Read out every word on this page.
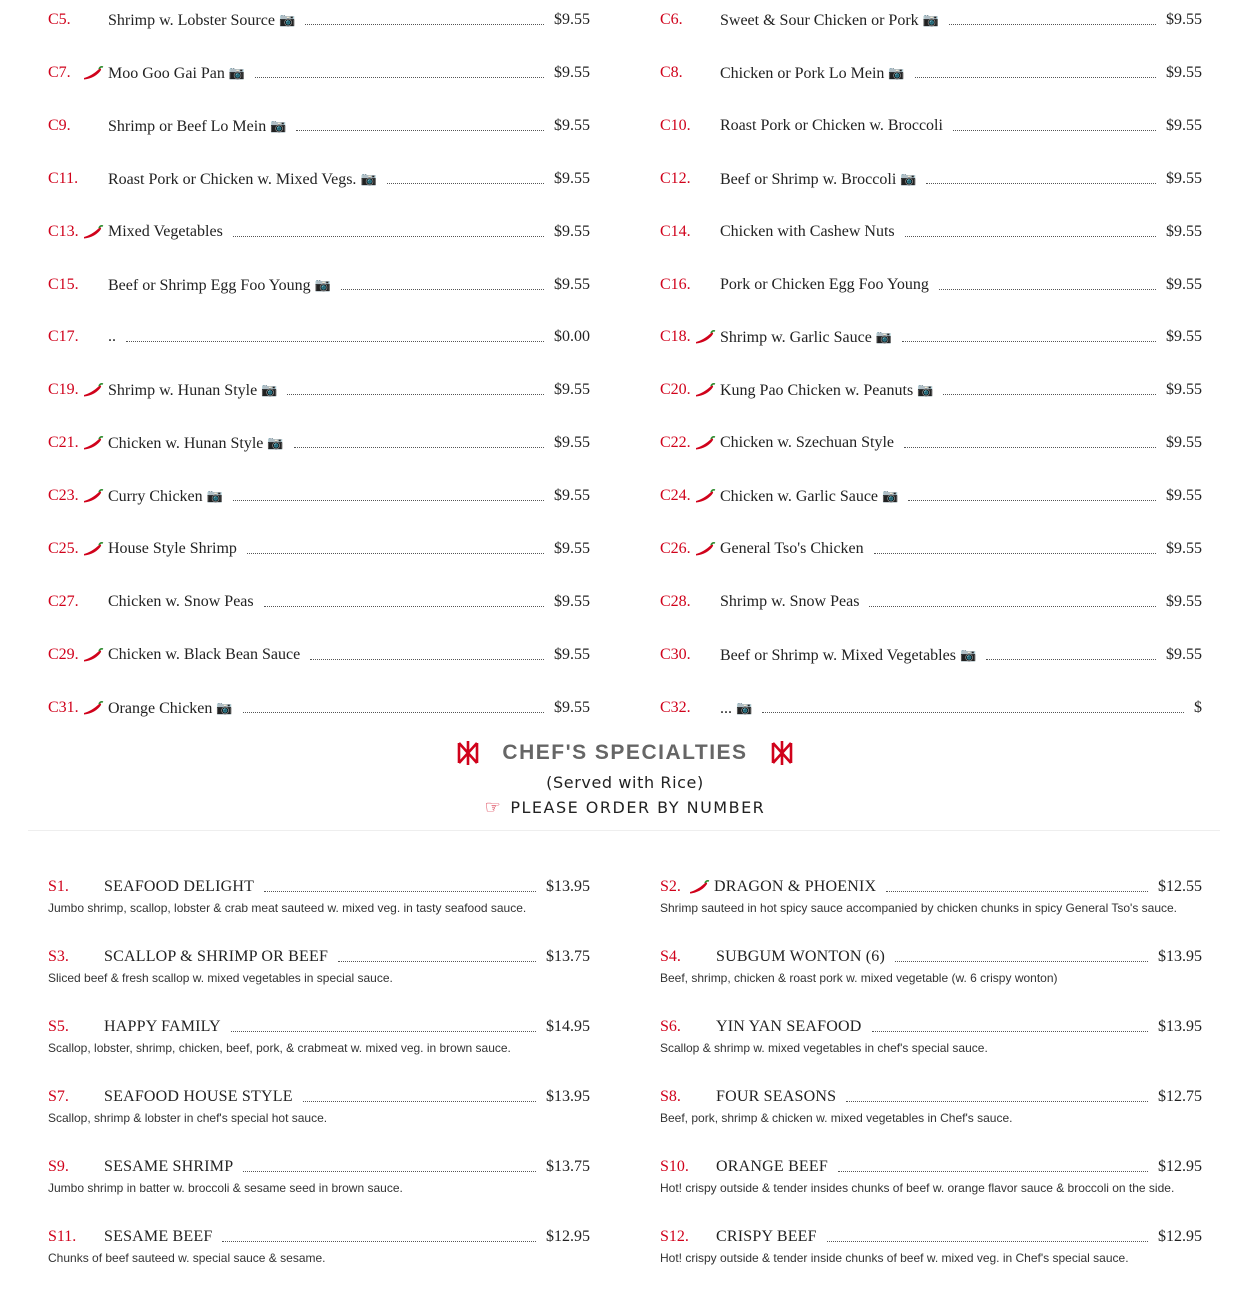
C5.	Shrimp w. Lobster Source 📷	$9.55
C7.	Moo Goo Gai Pan 📷	$9.55
C9.	Shrimp or Beef Lo Mein 📷	$9.55
C11. Roast Pork or Chicken w. Mixed Vegs. 📷	$9.55
C13. Mixed Vegetables	$9.55
C15. Beef or Shrimp Egg Foo Young 📷	$9.55
C17. ..	$0.00
C19. Shrimp w. Hunan Style 📷	$9.55
C21. Chicken w. Hunan Style 📷	$9.55
C23. Curry Chicken 📷	$9.55
C25. House Style Shrimp	$9.55
C27. Chicken w. Snow Peas	$9.55
C29. Chicken w. Black Bean Sauce	$9.55
C31. Orange Chicken 📷	$9.55
C6.	Sweet & Sour Chicken or Pork 📷	$9.55
C8.	Chicken or Pork Lo Mein 📷	$9.55
C10. Roast Pork or Chicken w. Broccoli	$9.55
C12. Beef or Shrimp w. Broccoli 📷	$9.55
C14. Chicken with Cashew Nuts	$9.55
C16. Pork or Chicken Egg Foo Young	$9.55
C18. Shrimp w. Garlic Sauce 📷	$9.55
C20. Kung Pao Chicken w. Peanuts 📷	$9.55
C22. Chicken w. Szechuan Style	$9.55
C24. Chicken w. Garlic Sauce 📷	$9.55
C26. General Tso's Chicken	$9.55
C28. Shrimp w. Snow Peas	$9.55
C30. Beef or Shrimp w. Mixed Vegetables 📷	$9.55
C32. ... 📷	$
CHEF'S SPECIALTIES
(Served with Rice)
☞ PLEASE ORDER BY NUMBER
S1.	SEAFOOD DELIGHT	$13.95
Jumbo shrimp, scallop, lobster & crab meat sauteed w. mixed veg. in tasty seafood sauce.
S3.	SCALLOP & SHRIMP OR BEEF	$13.75
Sliced beef & fresh scallop w. mixed vegetables in special sauce.
S5.	HAPPY FAMILY	$14.95
Scallop, lobster, shrimp, chicken, beef, pork, & crabmeat w. mixed veg. in brown sauce.
S7.	SEAFOOD HOUSE STYLE	$13.95
Scallop, shrimp & lobster in chef's special hot sauce.
S9.	SESAME SHRIMP	$13.75
Jumbo shrimp in batter w. broccoli & sesame seed in brown sauce.
S11.	SESAME BEEF	$12.95
Chunks of beef sauteed w. special sauce & sesame.
S2.	DRAGON & PHOENIX	$12.55
Shrimp sauteed in hot spicy sauce accompanied by chicken chunks in spicy General Tso's sauce.
S4.	SUBGUM WONTON (6)	$13.95
Beef, shrimp, chicken & roast pork w. mixed vegetable (w. 6 crispy wonton)
S6.	YIN YAN SEAFOOD	$13.95
Scallop & shrimp w. mixed vegetables in chef's special sauce.
S8.	FOUR SEASONS	$12.75
Beef, pork, shrimp & chicken w. mixed vegetables in Chef's sauce.
S10.	ORANGE BEEF	$12.95
Hot! crispy outside & tender insides chunks of beef w. orange flavor sauce & broccoli on the side.
S12.	CRISPY BEEF	$12.95
Hot! crispy outside & tender inside chunks of beef w. mixed veg. in Chef's special sauce.
